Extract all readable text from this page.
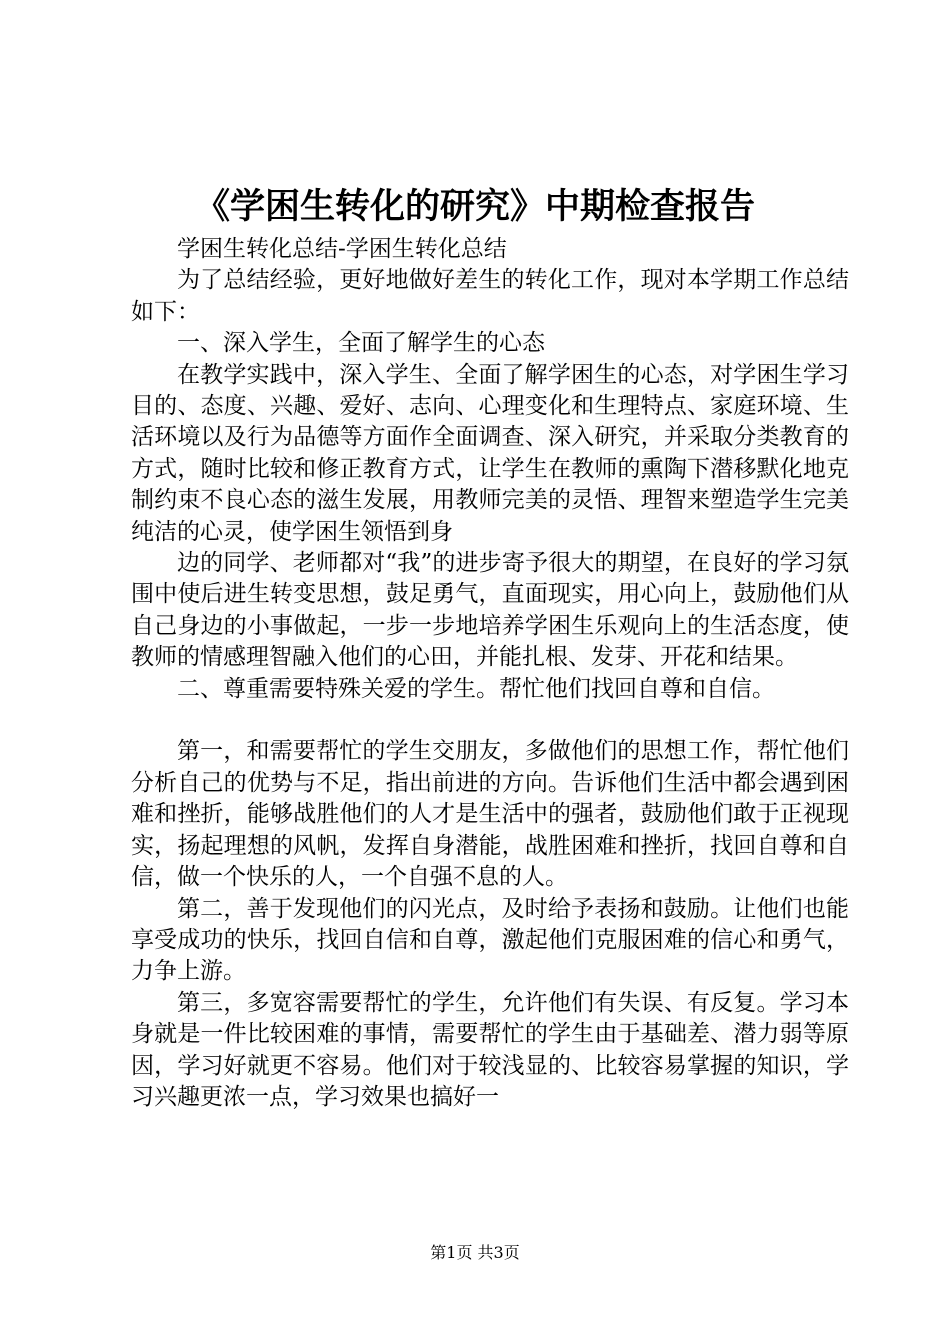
《学困生转化的研究》中期检查报告

学困生转化总结-学困生转化总结

为了总结经验，更好地做好差生的转化工作，现对本学期工作总结如下：

一、深入学生，全面了解学生的心态

在教学实践中，深入学生、全面了解学困生的心态，对学困生学习目的、态度、兴趣、爱好、志向、心理变化和生理特点、家庭环境、生活环境以及行为品德等方面作全面调查、深入研究，并采取分类教育的方式，随时比较和修正教育方式，让学生在教师的熏陶下潜移默化地克制约束不良心态的滋生发展，用教师完美的灵悟、理智来塑造学生完美纯洁的心灵，使学困生领悟到身

边的同学、老师都对“我”的进步寄予很大的期望，在良好的学习氛围中使后进生转变思想，鼓足勇气，直面现实，用心向上，鼓励他们从自己身边的小事做起，一步一步地培养学困生乐观向上的生活态度，使教师的情感理智融入他们的心田，并能扎根、发芽、开花和结果。

二、尊重需要特殊关爱的学生。帮忙他们找回自尊和自信。

第一，和需要帮忙的学生交朋友，多做他们的思想工作，帮忙他们分析自己的优势与不足，指出前进的方向。告诉他们生活中都会遇到困难和挫折，能够战胜他们的人才是生活中的强者，鼓励他们敢于正视现实，扬起理想的风帆，发挥自身潜能，战胜困难和挫折，找回自尊和自信，做一个快乐的人，一个自强不息的人。

第二，善于发现他们的闪光点，及时给予表扬和鼓励。让他们也能享受成功的快乐，找回自信和自尊，激起他们克服困难的信心和勇气，力争上游。

第三，多宽容需要帮忙的学生，允许他们有失误、有反复。学习本身就是一件比较困难的事情，需要帮忙的学生由于基础差、潜力弱等原因，学习好就更不容易。他们对于较浅显的、比较容易掌握的知识，学习兴趣更浓一点，学习效果也搞好一

第1页 共3页
